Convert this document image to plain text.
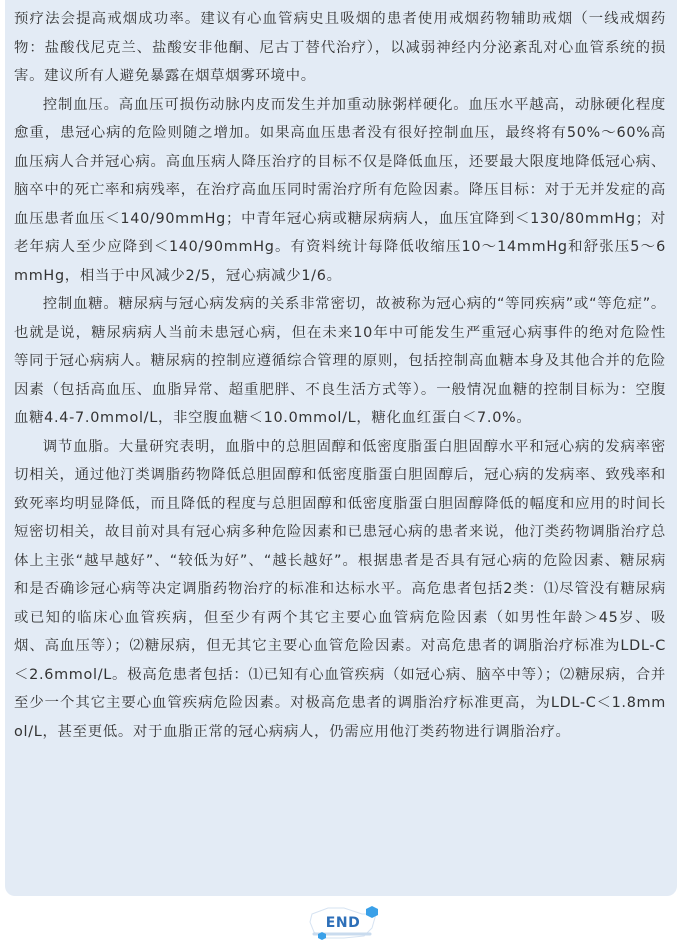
预疗法会提高戒烟成功率。建议有心血管病史且吸烟的患者使用戒烟药物辅助戒烟（一线戒烟药物：盐酸伐尼克兰、盐酸安非他酮、尼古丁替代治疗），以减弱神经内分泌紊乱对心血管系统的损害。建议所有人避免暴露在烟草烟雾环境中。

控制血压。高血压可损伤动脉内皮而发生并加重动脉粥样硬化。血压水平越高，动脉硬化程度愈重，患冠心病的危险则随之增加。如果高血压患者没有很好控制血压，最终将有50%～60%高血压病人合并冠心病。高血压病人降压治疗的目标不仅是降低血压，还要最大限度地降低冠心病、脑卒中的死亡率和病残率，在治疗高血压同时需治疗所有危险因素。降压目标：对于无并发症的高血压患者血压＜140/90mmHg；中青年冠心病或糖尿病病人，血压宜降到＜130/80mmHg；对老年病人至少应降到＜140/90mmHg。有资料统计每降低收缩压10～14mmHg和舒张压5～6mmHg，相当于中风减少2/5，冠心病减少1/6。

控制血糖。糖尿病与冠心病发病的关系非常密切，故被称为冠心病的“等同疾病”或“等危症”。也就是说，糖尿病病人当前未患冠心病，但在未来10年中可能发生严重冠心病事件的绝对危险性等同于冠心病病人。糖尿病的控制应遵循综合管理的原则，包括控制高血糖本身及其他合并的危险因素（包括高血压、血脂异常、超重肥胖、不良生活方式等）。一般情况血糖的控制目标为：空腹血糖4.4-7.0mmol/L，非空腹血糖＜10.0mmol/L，糖化血红蛋白＜7.0%。

调节血脂。大量研究表明，血脂中的总胆固醇和低密度脂蛋白胆固醇水平和冠心病的发病率密切相关，通过他汀类调脂药物降低总胆固醇和低密度脂蛋白胆固醇后，冠心病的发病率、致残率和致死率均明显降低，而且降低的程度与总胆固醇和低密度脂蛋白胆固醇降低的幅度和应用的时间长短密切相关，故目前对具有冠心病多种危险因素和已患冠心病的患者来说，他汀类药物调脂治疗总体上主张“越早越好”、“较低为好”、“越长越好”。根据患者是否具有冠心病的危险因素、糖尿病和是否确诊冠心病等决定调脂药物治疗的标准和达标水平。高危患者包括2类：⑴尽管没有糖尿病或已知的临床心血管疾病，但至少有两个其它主要心血管病危险因素（如男性年龄＞45岁、吸烟、高血压等）；⑵糖尿病，但无其它主要心血管危险因素。对高危患者的调脂治疗标准为LDL-C＜2.6mmol/L。极高危患者包括：⑴已知有心血管疾病（如冠心病、脑卒中等）；⑵糖尿病，合并至少一个其它主要心血管疾病危险因素。对极高危患者的调脂治疗标准更高，为LDL-C＜1.8mmol/L，甚至更低。对于血脂正常的冠心病病人，仍需应用他汀类药物进行调脂治疗。

END
